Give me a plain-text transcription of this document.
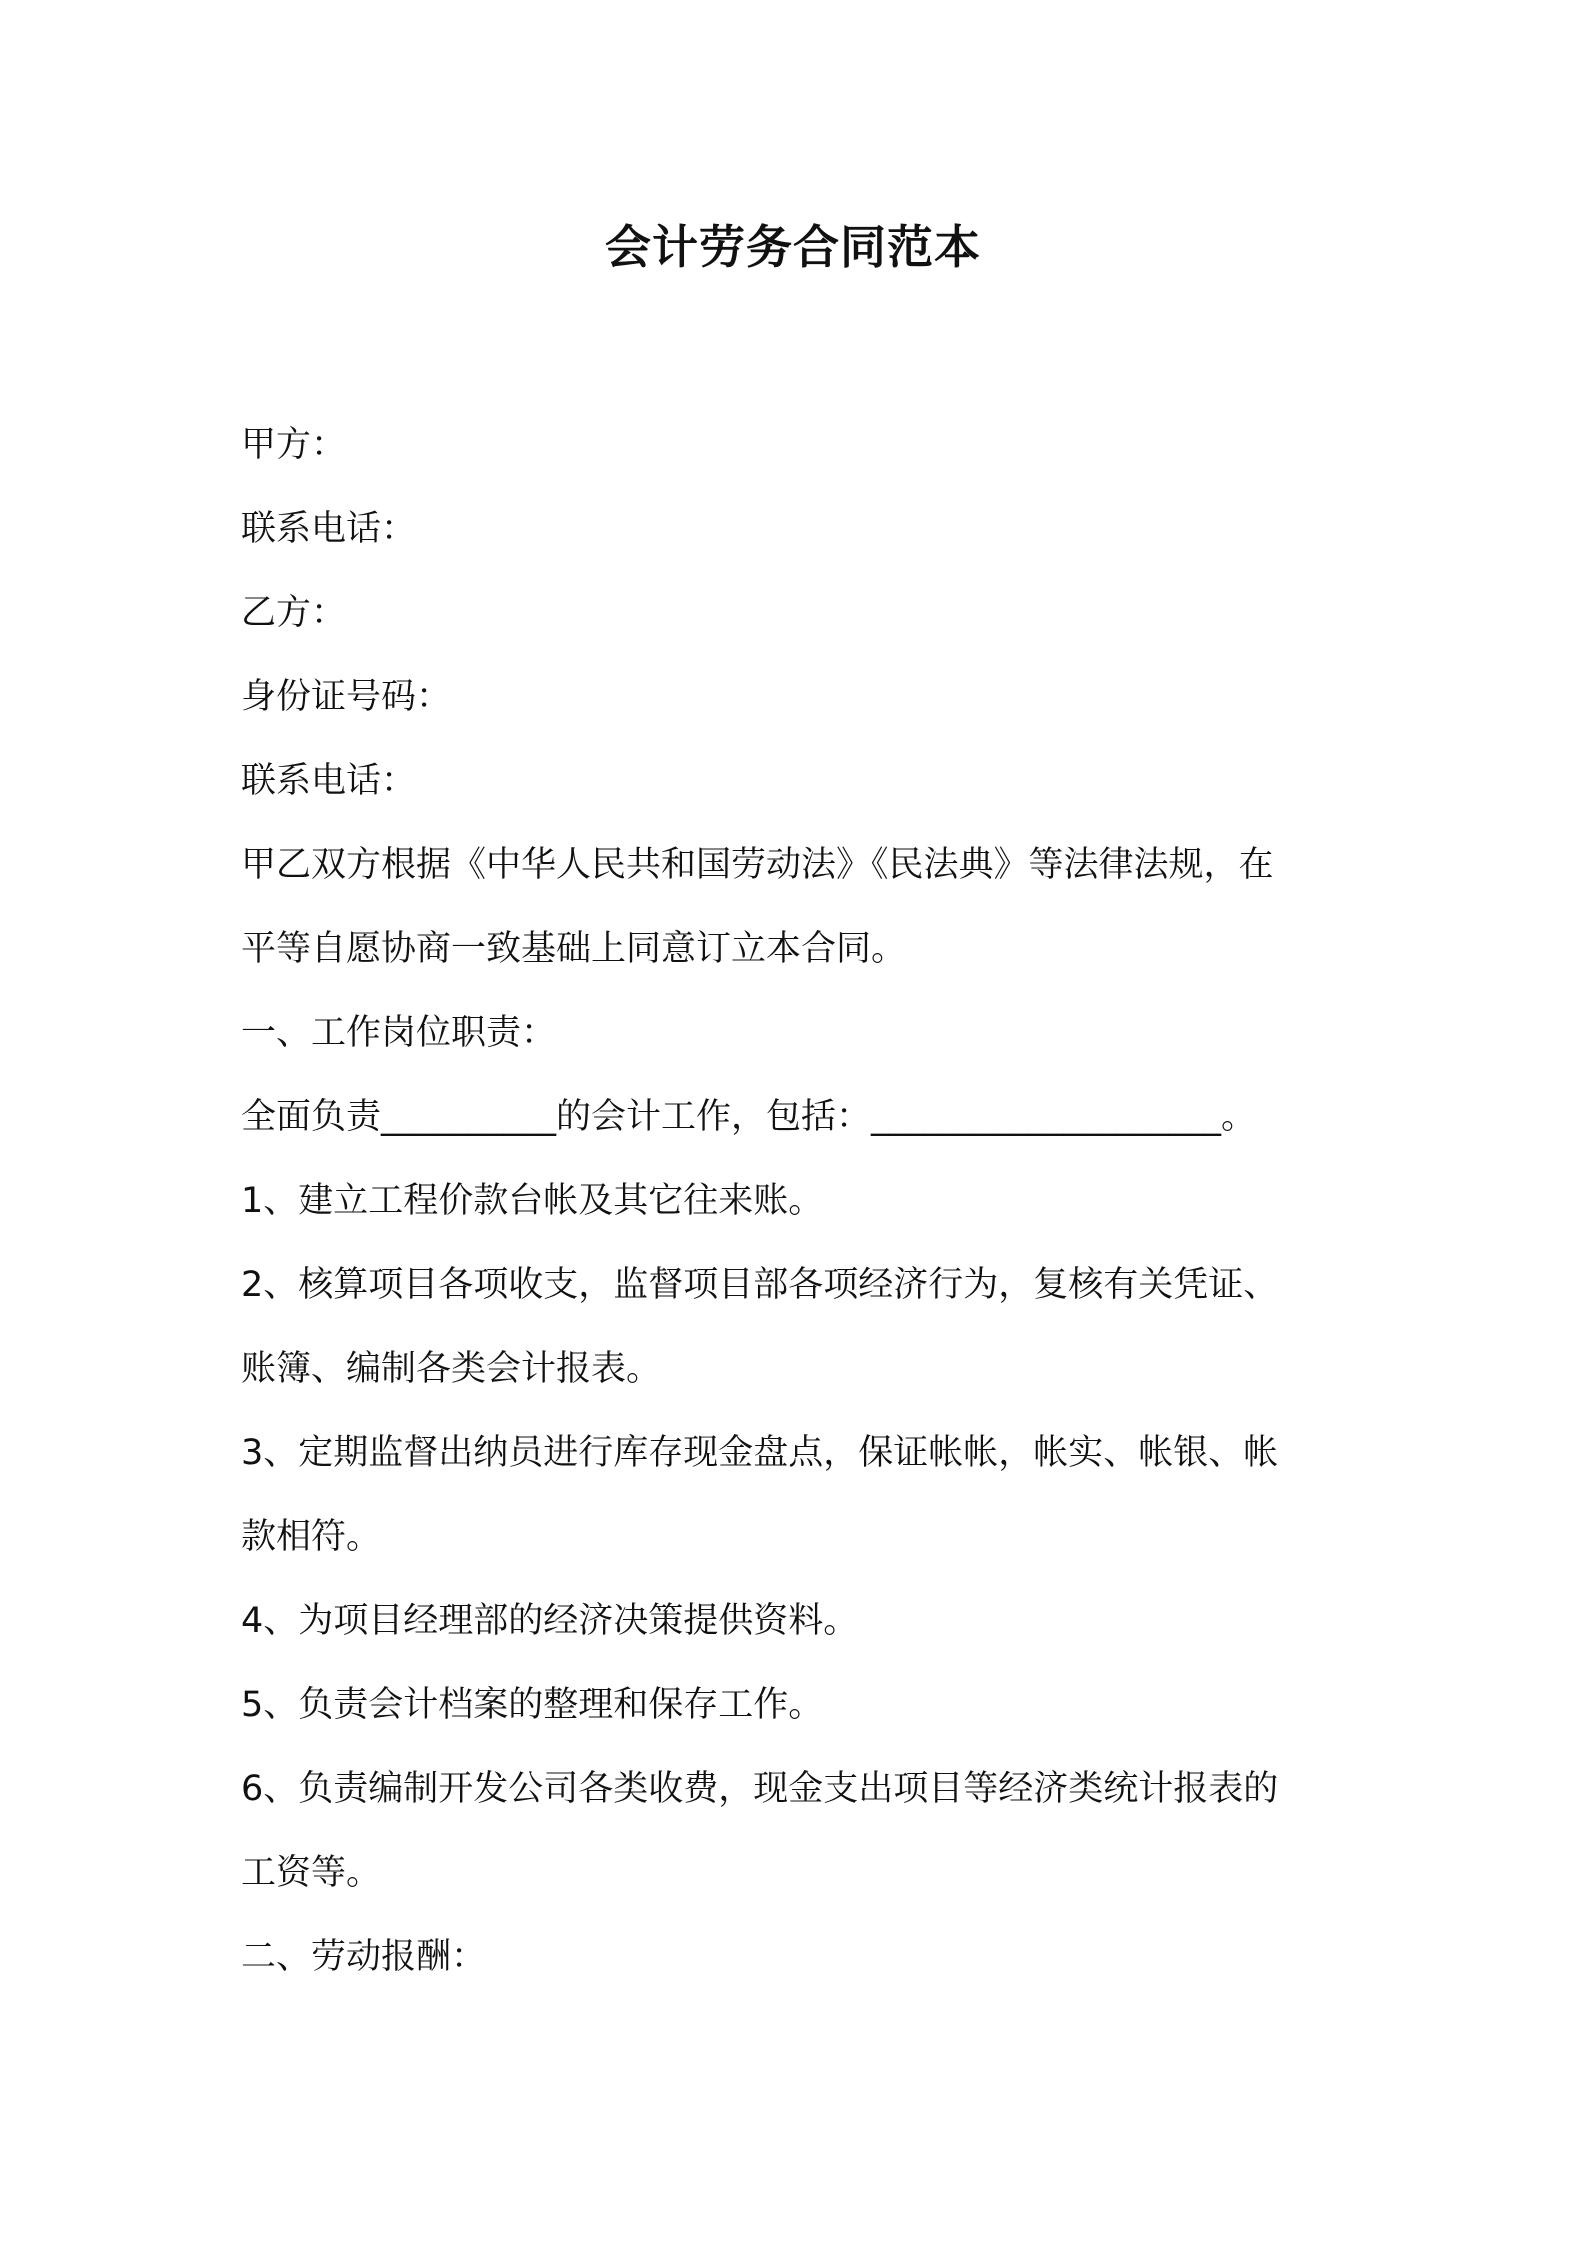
会计劳务合同范本
甲方：
联系电话：
乙方：
身份证号码：
联系电话：
甲乙双方根据《中华人民共和国劳动法》《民法典》等法律法规，在
平等自愿协商一致基础上同意订立本合同。
一、工作岗位职责：
全面负责__________的会计工作，包括：____________________。
1、建立工程价款台帐及其它往来账。
2、核算项目各项收支，监督项目部各项经济行为，复核有关凭证、
账簿、编制各类会计报表。
3、定期监督出纳员进行库存现金盘点，保证帐帐，帐实、帐银、帐
款相符。
4、为项目经理部的经济决策提供资料。
5、负责会计档案的整理和保存工作。
6、负责编制开发公司各类收费，现金支出项目等经济类统计报表的
工资等。
二、劳动报酬：
